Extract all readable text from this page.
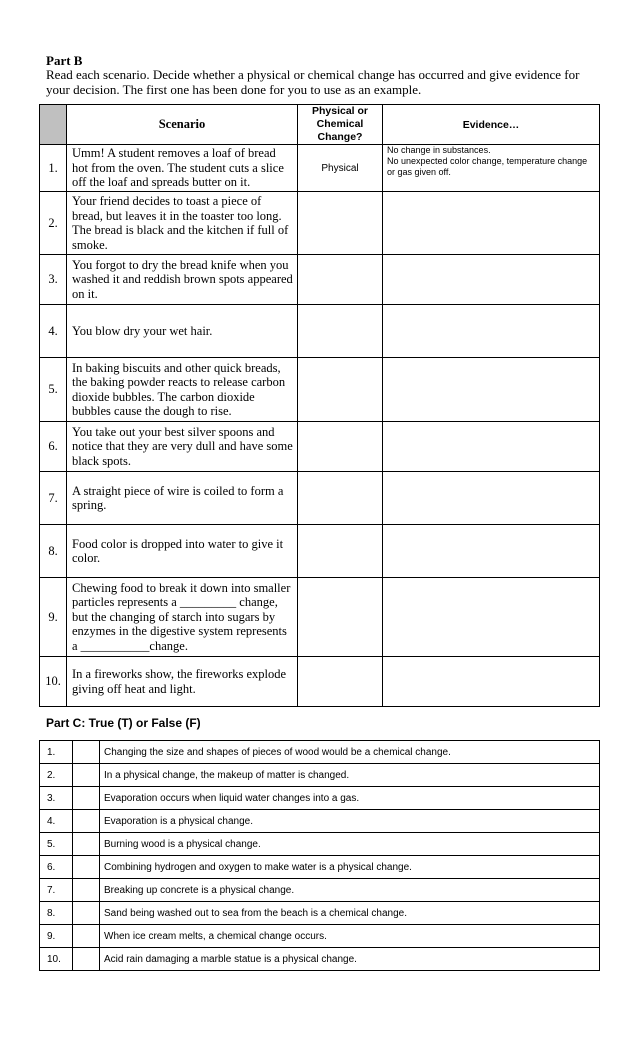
Part B
Read each scenario. Decide whether a physical or chemical change has occurred and give evidence for your decision. The first one has been done for you to use as an example.
	Scenario	Physical or Chemical Change?	Evidence…
1.	Umm! A student removes a loaf of bread hot from the oven. The student cuts a slice off the loaf and spreads butter on it.	Physical	No change in substances.
No unexpected color change, temperature change or gas given off.
2.	Your friend decides to toast a piece of bread, but leaves it in the toaster too long. The bread is black and the kitchen if full of smoke.		
3.	You forgot to dry the bread knife when you washed it and reddish brown spots appeared on it.		
4.	You blow dry your wet hair.		
5.	In baking biscuits and other quick breads, the baking powder reacts to release carbon dioxide bubbles. The carbon dioxide bubbles cause the dough to rise.		
6.	You take out your best silver spoons and notice that they are very dull and have some black spots.		
7.	A straight piece of wire is coiled to form a spring.		
8.	Food color is dropped into water to give it color.		
9.	Chewing food to break it down into smaller particles represents a _________ change, but the changing of starch into sugars by enzymes in the digestive system represents a ___________change.		
10.	In a fireworks show, the fireworks explode giving off heat and light.		
Part C: True (T) or False (F)
1.		Changing the size and shapes of pieces of wood would be a chemical change.
2.		In a physical change, the makeup of matter is changed.
3.		Evaporation occurs when liquid water changes into a gas.
4.		Evaporation is a physical change.
5.		Burning wood is a physical change.
6.		Combining hydrogen and oxygen to make water is a physical change.
7.		Breaking up concrete is a physical change.
8.		Sand being washed out to sea from the beach is a chemical change.
9.		When ice cream melts, a chemical change occurs.
10.		Acid rain damaging a marble statue is a physical change.
